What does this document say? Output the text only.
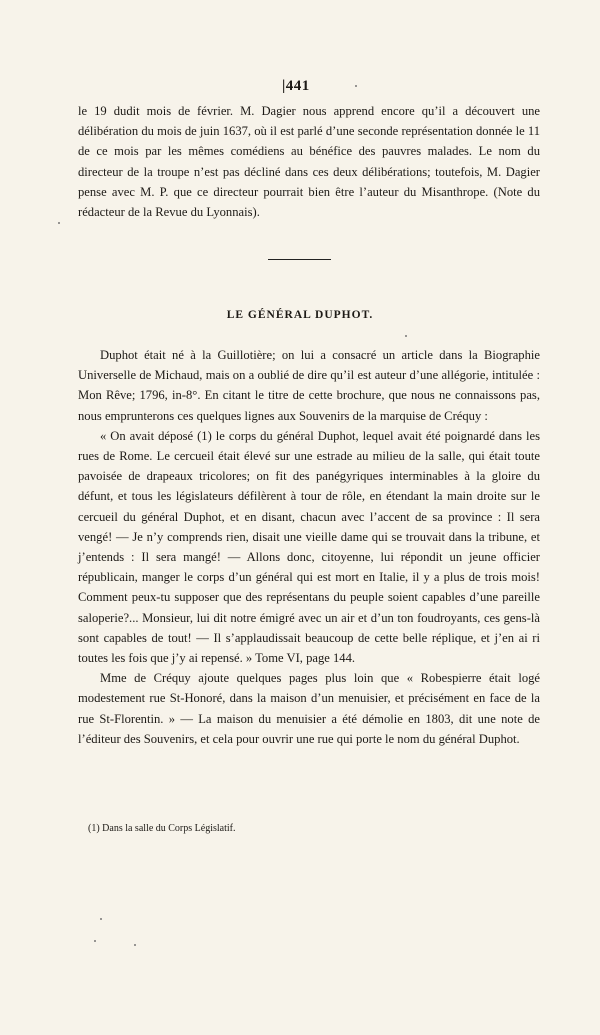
|441

le 19 dudit mois de février. M. Dagier nous apprend encore qu’il a découvert une délibération du mois de juin 1637, où il est parlé d’une seconde représentation donnée le 11 de ce mois par les mêmes comédiens au bénéfice des pauvres malades. Le nom du directeur de la troupe n’est pas décliné dans ces deux délibérations; toutefois, M. Dagier pense avec M. P. que ce directeur pourrait bien être l’auteur du Misanthrope. (Note du rédacteur de la Revue du Lyonnais).

LE GÉNÉRAL DUPHOT.

Duphot était né à la Guillotière; on lui a consacré un article dans la Biographie Universelle de Michaud, mais on a oublié de dire qu’il est auteur d’une allégorie, intitulée : Mon Rêve; 1796, in-8°. En citant le titre de cette brochure, que nous ne connaissons pas, nous emprunterons ces quelques lignes aux Souvenirs de la marquise de Créquy :

« On avait déposé (1) le corps du général Duphot, lequel avait été poignardé dans les rues de Rome. Le cercueil était élevé sur une estrade au milieu de la salle, qui était toute pavoisée de drapeaux tricolores; on fit des panégyriques interminables à la gloire du défunt, et tous les législateurs défilèrent à tour de rôle, en étendant la main droite sur le cercueil du général Duphot, et en disant, chacun avec l’accent de sa province : Il sera vengé! — Je n’y comprends rien, disait une vieille dame qui se trouvait dans la tribune, et j’entends : Il sera mangé! — Allons donc, citoyenne, lui répondit un jeune officier républicain, manger le corps d’un général qui est mort en Italie, il y a plus de trois mois! Comment peux-tu supposer que des représentans du peuple soient capables d’une pareille saloperie?... Monsieur, lui dit notre émigré avec un air et d’un ton foudroyants, ces gens-là sont capables de tout! — Il s’applaudissait beaucoup de cette belle réplique, et j’en ai ri toutes les fois que j’y ai repensé. » Tome VI, page 144.

Mme de Créquy ajoute quelques pages plus loin que « Robespierre était logé modestement rue St-Honoré, dans la maison d’un menuisier, et précisément en face de la rue St-Florentin. » — La maison du menuisier a été démolie en 1803, dit une note de l’éditeur des Souvenirs, et cela pour ouvrir une rue qui porte le nom du général Duphot.

(1) Dans la salle du Corps Législatif.
